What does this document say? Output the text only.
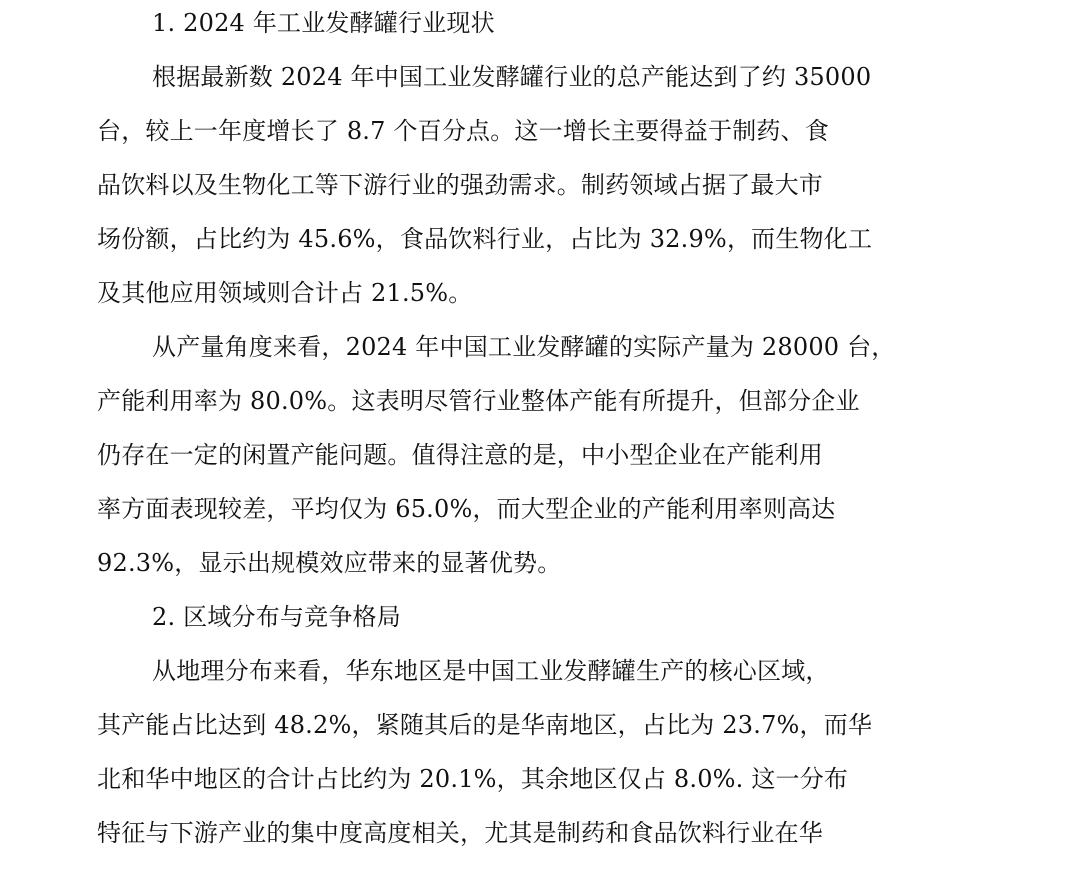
1. 2024 年工业发酵罐行业现状
根据最新数 2024 年中国工业发酵罐行业的总产能达到了约 35000
台，较上一年度增长了 8.7 个百分点。这一增长主要得益于制药、食
品饮料以及生物化工等下游行业的强劲需求。制药领域占据了最大市
场份额，占比约为 45.6%，食品饮料行业，占比为 32.9%，而生物化工
及其他应用领域则合计占 21.5%。
从产量角度来看，2024 年中国工业发酵罐的实际产量为 28000 台，
产能利用率为 80.0%。这表明尽管行业整体产能有所提升，但部分企业
仍存在一定的闲置产能问题。值得注意的是，中小型企业在产能利用
率方面表现较差，平均仅为 65.0%，而大型企业的产能利用率则高达
92.3%，显示出规模效应带来的显著优势。
2. 区域分布与竞争格局
从地理分布来看，华东地区是中国工业发酵罐生产的核心区域，
其产能占比达到 48.2%，紧随其后的是华南地区，占比为 23.7%，而华
北和华中地区的合计占比约为 20.1%，其余地区仅占 8.0%. 这一分布
特征与下游产业的集中度高度相关，尤其是制药和食品饮料行业在华
